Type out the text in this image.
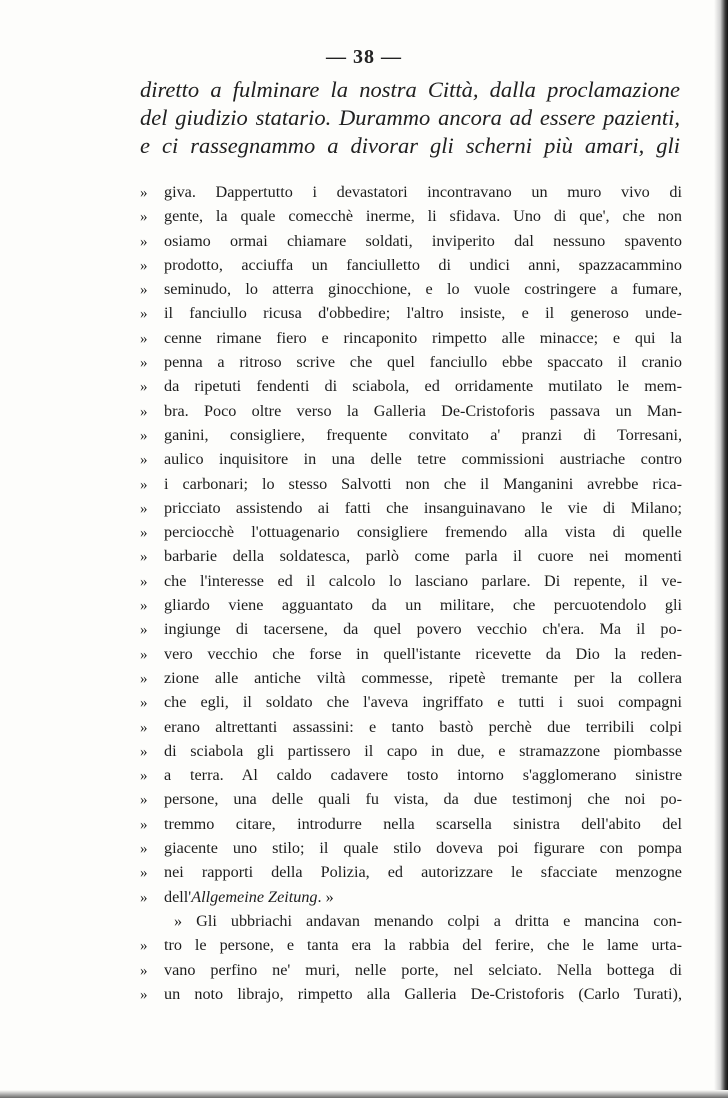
— 38 —
diretto a fulminare la nostra Città, dalla proclamazione
del giudizio statario. Durammo ancora ad essere pazienti,
e ci rassegnammo a divorar gli scherni più amari, gli
»	giva. Dappertutto i devastatori incontravano un muro vivo di
»	gente, la quale comecchè inerme, li sfidava. Uno di que', che non
»	osiamo ormai chiamare soldati, inviperito dal nessuno spavento
»	prodotto, acciuffa un fanciulletto di undici anni, spazzacammino
»	seminudo, lo atterra ginocchione, e lo vuole costringere a fumare,
»	il fanciullo ricusa d'obbedire; l'altro insiste, e il generoso unde-
»	cenne rimane fiero e rincaponito rimpetto alle minacce; e qui la
»	penna a ritroso scrive che quel fanciullo ebbe spaccato il cranio
»	da ripetuti fendenti di sciabola, ed orridamente mutilato le mem-
»	bra. Poco oltre verso la Galleria De-Cristoforis passava un Man-
»	ganini, consigliere, frequente convitato a' pranzi di Torresani,
»	aulico inquisitore in una delle tetre commissioni austriache contro
»	i carbonari; lo stesso Salvotti non che il Manganini avrebbe rica-
»	pricciato assistendo ai fatti che insanguinavano le vie di Milano;
»	perciocchè l'ottuagenario consigliere fremendo alla vista di quelle
»	barbarie della soldatesca, parlò come parla il cuore nei momenti
»	che l'interesse ed il calcolo lo lasciano parlare. Di repente, il ve-
»	gliardo viene agguantato da un militare, che percuotendolo gli
»	ingiunge di tacersene, da quel povero vecchio ch'era. Ma il po-
»	vero vecchio che forse in quell'istante ricevette da Dio la reden-
»	zione alle antiche viltà commesse, ripetè tremante per la collera
»	che egli, il soldato che l'aveva ingriffato e tutti i suoi compagni
»	erano altrettanti assassini: e tanto bastò perchè due terribili colpi
»	di sciabola gli partissero il capo in due, e stramazzone piombasse
»	a terra. Al caldo cadavere tosto intorno s'agglomerano sinistre
»	persone, una delle quali fu vista, da due testimonj che noi po-
»	tremmo citare, introdurre nella scarsella sinistra dell'abito del
»	giacente uno stilo; il quale stilo doveva poi figurare con pompa
»	nei rapporti della Polizia, ed autorizzare le sfacciate menzogne
»	dell'Allgemeine Zeitung. »
» Gli ubbriachi andavan menando colpi a dritta e mancina con-
»	tro le persone, e tanta era la rabbia del ferire, che le lame urta-
»	vano perfino ne' muri, nelle porte, nel selciato. Nella bottega di
»	un noto librajo, rimpetto alla Galleria De-Cristoforis (Carlo Turati),
